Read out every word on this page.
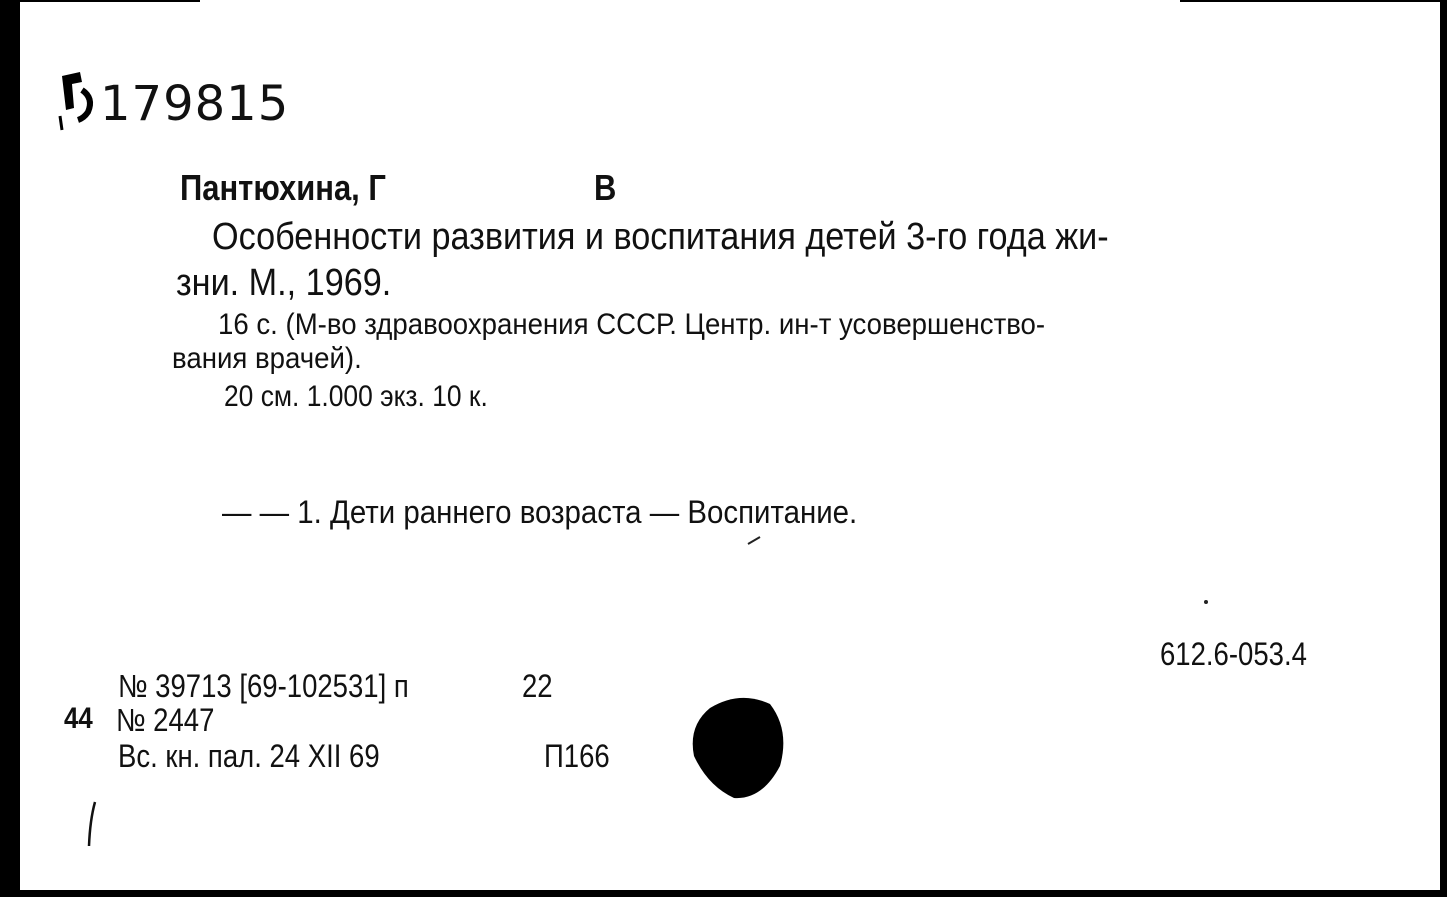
179815
Пантюхина, Г	В
Особенности развития и воспитания детей 3-го года жи-
зни. М., 1969.
16 с. (М-во здравоохранения СССР. Центр. ин-т усовершенство-
вания врачей).
20 см. 1.000 экз. 10 к.
— — 1. Дети раннего возраста — Воспитание.
612.6-053.4
№ 39713 [69-102531] п	22
44 № 2447
Вс. кн. пал. 24 XII 69	П166
